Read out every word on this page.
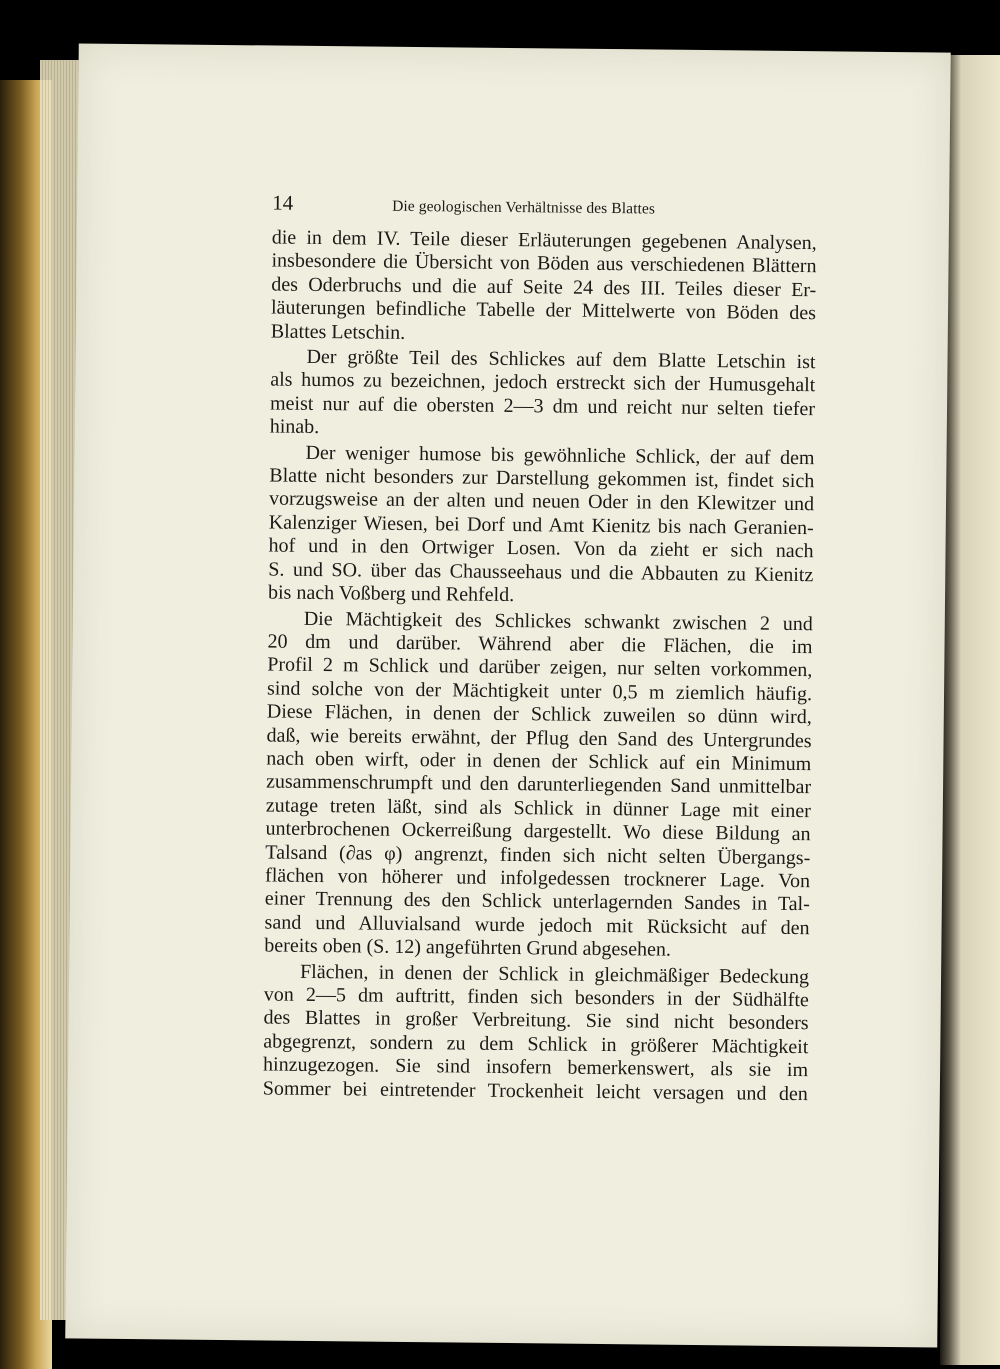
14	Die geologischen Verhältnisse des Blattes

die in dem IV. Teile dieser Erläuterungen gegebenen Analysen,
insbesondere die Übersicht von Böden aus verschiedenen Blättern
des Oderbruchs und die auf Seite 24 des III. Teiles dieser Er-
läuterungen befindliche Tabelle der Mittelwerte von Böden des
Blattes Letschin.

Der größte Teil des Schlickes auf dem Blatte Letschin ist
als humos zu bezeichnen, jedoch erstreckt sich der Humusgehalt
meist nur auf die obersten 2—3 dm und reicht nur selten tiefer
hinab.

Der weniger humose bis gewöhnliche Schlick, der auf dem
Blatte nicht besonders zur Darstellung gekommen ist, findet sich
vorzugsweise an der alten und neuen Oder in den Klewitzer und
Kalenziger Wiesen, bei Dorf und Amt Kienitz bis nach Geranien-
hof und in den Ortwiger Losen. Von da zieht er sich nach
S. und SO. über das Chausseehaus und die Abbauten zu Kienitz
bis nach Voßberg und Rehfeld.

Die Mächtigkeit des Schlickes schwankt zwischen 2 und
20 dm und darüber. Während aber die Flächen, die im
Profil 2 m Schlick und darüber zeigen, nur selten vorkommen,
sind solche von der Mächtigkeit unter 0,5 m ziemlich häufig.
Diese Flächen, in denen der Schlick zuweilen so dünn wird,
daß, wie bereits erwähnt, der Pflug den Sand des Untergrundes
nach oben wirft, oder in denen der Schlick auf ein Minimum
zusammenschrumpft und den darunterliegenden Sand unmittelbar
zutage treten läßt, sind als Schlick in dünner Lage mit einer
unterbrochenen Ockerreißung dargestellt. Wo diese Bildung an
Talsand (∂as φ) angrenzt, finden sich nicht selten Übergangs-
flächen von höherer und infolgedessen trocknerer Lage. Von
einer Trennung des den Schlick unterlagernden Sandes in Tal-
sand und Alluvialsand wurde jedoch mit Rücksicht auf den
bereits oben (S. 12) angeführten Grund abgesehen.

Flächen, in denen der Schlick in gleichmäßiger Bedeckung
von 2—5 dm auftritt, finden sich besonders in der Südhälfte
des Blattes in großer Verbreitung. Sie sind nicht besonders
abgegrenzt, sondern zu dem Schlick in größerer Mächtigkeit
hinzugezogen. Sie sind insofern bemerkenswert, als sie im
Sommer bei eintretender Trockenheit leicht versagen und den
